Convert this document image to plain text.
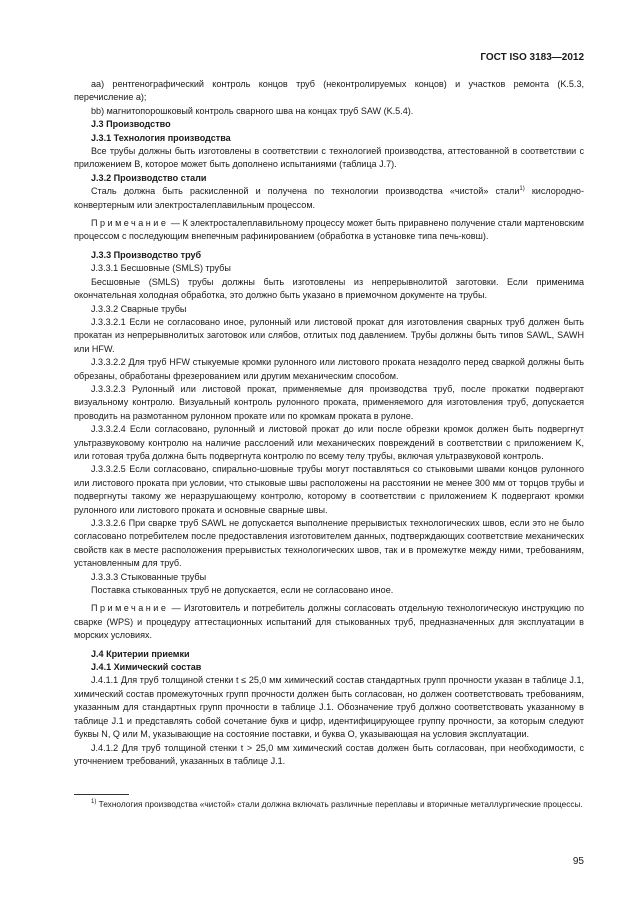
ГОСТ ISO 3183—2012

аа) рентгенографический контроль концов труб (неконтролируемых концов) и участков ремонта (K.5.3, перечисление а);

bb) магнитопорошковый контроль сварного шва на концах труб SAW (K.5.4).

J.3 Производство

J.3.1 Технология производства

Все трубы должны быть изготовлены в соответствии с технологией производства, аттестованной в соответствии с приложением В, которое может быть дополнено испытаниями (таблица J.7).

J.3.2 Производство стали

Сталь должна быть раскисленной и получена по технологии производства «чистой» стали$^{1)}$ кислородно-конвертерным или электросталеплавильным процессом.

Примечание — К электросталеплавильному процессу может быть приравнено получение стали мартеновским процессом с последующим внепечным рафинированием (обработка в установке типа печь-ковш).

J.3.3 Производство труб

J.3.3.1 Бесшовные (SMLS) трубы

Бесшовные (SMLS) трубы должны быть изготовлены из непрерывнолитой заготовки. Если применима окончательная холодная обработка, это должно быть указано в приемочном документе на трубы.

J.3.3.2 Сварные трубы

J.3.3.2.1 Если не согласовано иное, рулонный или листовой прокат для изготовления сварных труб должен быть прокатан из непрерывнолитых заготовок или слябов, отлитых под давлением. Трубы должны быть типов SAWL, SAWH или HFW.

J.3.3.2.2 Для труб HFW стыкуемые кромки рулонного или листового проката незадолго перед сваркой должны быть обрезаны, обработаны фрезерованием или другим механическим способом.

J.3.3.2.3 Рулонный или листовой прокат, применяемые для производства труб, после прокатки подвергают визуальному контролю. Визуальный контроль рулонного проката, применяемого для изготовления труб, допускается проводить на размотанном рулонном прокате или по кромкам проката в рулоне.

J.3.3.2.4 Если согласовано, рулонный и листовой прокат до или после обрезки кромок должен быть подвергнут ультразвуковому контролю на наличие расслоений или механических повреждений в соответствии с приложением K, или готовая труба должна быть подвергнута контролю по всему телу трубы, включая ультразвуковой контроль.

J.3.3.2.5 Если согласовано, спирально-шовные трубы могут поставляться со стыковыми швами концов рулонного или листового проката при условии, что стыковые швы расположены на расстоянии не менее 300 мм от торцов трубы и подвергнуты такому же неразрушающему контролю, которому в соответствии с приложением K подвергают кромки рулонного или листового проката и основные сварные швы.

J.3.3.2.6 При сварке труб SAWL не допускается выполнение прерывистых технологических швов, если это не было согласовано потребителем после предоставления изготовителем данных, подтверждающих соответствие механических свойств как в месте расположения прерывистых технологических швов, так и в промежутке между ними, требованиям, установленным для труб.

J.3.3.3 Стыкованные трубы

Поставка стыкованных труб не допускается, если не согласовано иное.

Примечание — Изготовитель и потребитель должны согласовать отдельную технологическую инструкцию по сварке (WPS) и процедуру аттестационных испытаний для стыкованных труб, предназначенных для эксплуатации в морских условиях.

J.4 Критерии приемки

J.4.1 Химический состав

J.4.1.1 Для труб толщиной стенки t ≤ 25,0 мм химический состав стандартных групп прочности указан в таблице J.1, химический состав промежуточных групп прочности должен быть согласован, но должен соответствовать требованиям, указанным для стандартных групп прочности в таблице J.1. Обозначение труб должно соответствовать указанному в таблице J.1 и представлять собой сочетание букв и цифр, идентифицирующее группу прочности, за которым следуют буквы N, Q или M, указывающие на состояние поставки, и буква O, указывающая на условия эксплуатации.

J.4.1.2 Для труб толщиной стенки t > 25,0 мм химический состав должен быть согласован, при необходимости, с уточнением требований, указанных в таблице J.1.

$^{1)}$ Технология производства «чистой» стали должна включать различные переплавы и вторичные металлургические процессы.
95
